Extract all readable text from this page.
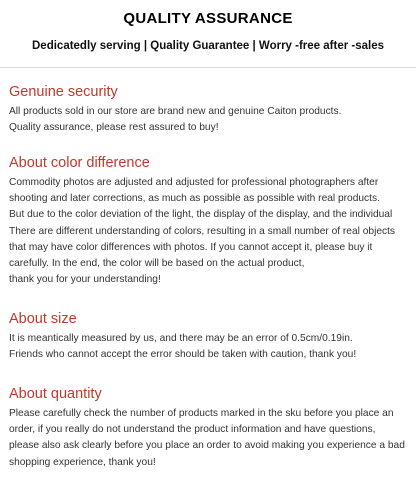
QUALITY ASSURANCE
Dedicatedly serving | Quality Guarantee | Worry -free after -sales
Genuine security
All products sold in our store are brand new and genuine Caiton products.
Quality assurance, please rest assured to buy!
About color difference
Commodity photos are adjusted and adjusted for professional photographers after
shooting and later corrections, as much as possible as possible with real products.
But due to the color deviation of the light, the display of the display, and the individual
There are different understanding of colors, resulting in a small number of real objects
that may have color differences with photos. If you cannot accept it, please buy it
carefully. In the end, the color will be based on the actual product,
thank you for your understanding!
About size
It is meantically measured by us, and there may be an error of 0.5cm/0.19in.
Friends who cannot accept the error should be taken with caution, thank you!
About quantity
Please carefully check the number of products marked in the sku before you place an
order, if you really do not understand the product information and have questions,
please also ask clearly before you place an order to avoid making you experience a bad
shopping experience, thank you!
